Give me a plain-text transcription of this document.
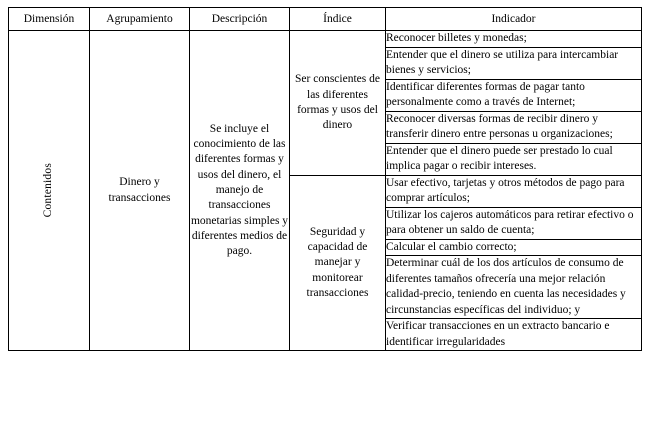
Dimensión	Agrupamiento	Descripción	Índice	Indicador

Contenidos	Dinero y transacciones	Se incluye el conocimiento de las diferentes formas y usos del dinero, el manejo de transacciones monetarias simples y diferentes medios de pago.	Ser conscientes de las diferentes formas y usos del dinero	Reconocer billetes y monedas;
				Entender que el dinero se utiliza para intercambiar bienes y servicios;
				Identificar diferentes formas de pagar tanto personalmente como a través de Internet;
				Reconocer diversas formas de recibir dinero y transferir dinero entre personas u organizaciones;
				Entender que el dinero puede ser prestado lo cual implica pagar o recibir intereses.
			Seguridad y capacidad de manejar y monitorear transacciones	Usar efectivo, tarjetas y otros métodos de pago para comprar artículos;
				Utilizar los cajeros automáticos para retirar efectivo o para obtener un saldo de cuenta;
				Calcular el cambio correcto;
				Determinar cuál de los dos artículos de consumo de diferentes tamaños ofrecería una mejor relación calidad-precio, teniendo en cuenta las necesidades y circunstancias específicas del individuo; y
				Verificar transacciones en un extracto bancario e identificar irregularidades
